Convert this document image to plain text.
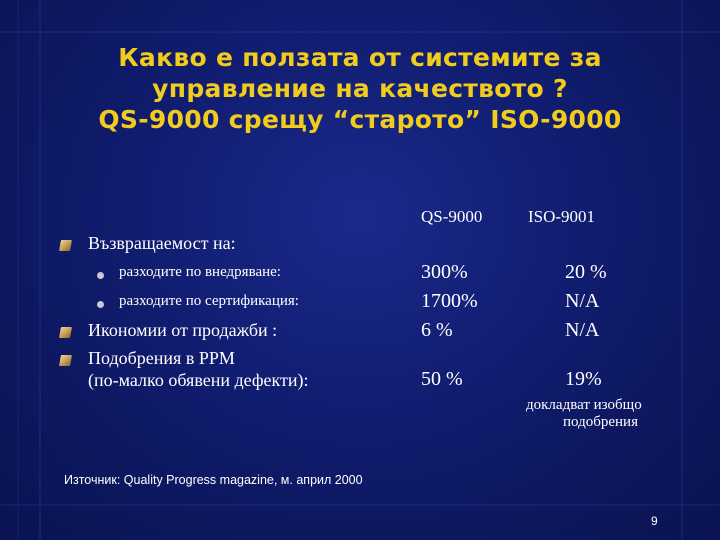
Какво е ползата от системите за
управление на качеството ?
QS-9000 срещу “старото” ISO-9000
QS-9000	ISO-9001
Възвращаемост на:
разходите по внедряване:
разходите по сертификация:
Икономии от продажби :
Подобрения в PPM
(по-малко обявени дефекти):
300%
1700%
6 %
50 %
20 %
N/A
N/A
19%
докладват изобщо
подобрения
Източник: Quality Progress magazine, м. април 2000
9
